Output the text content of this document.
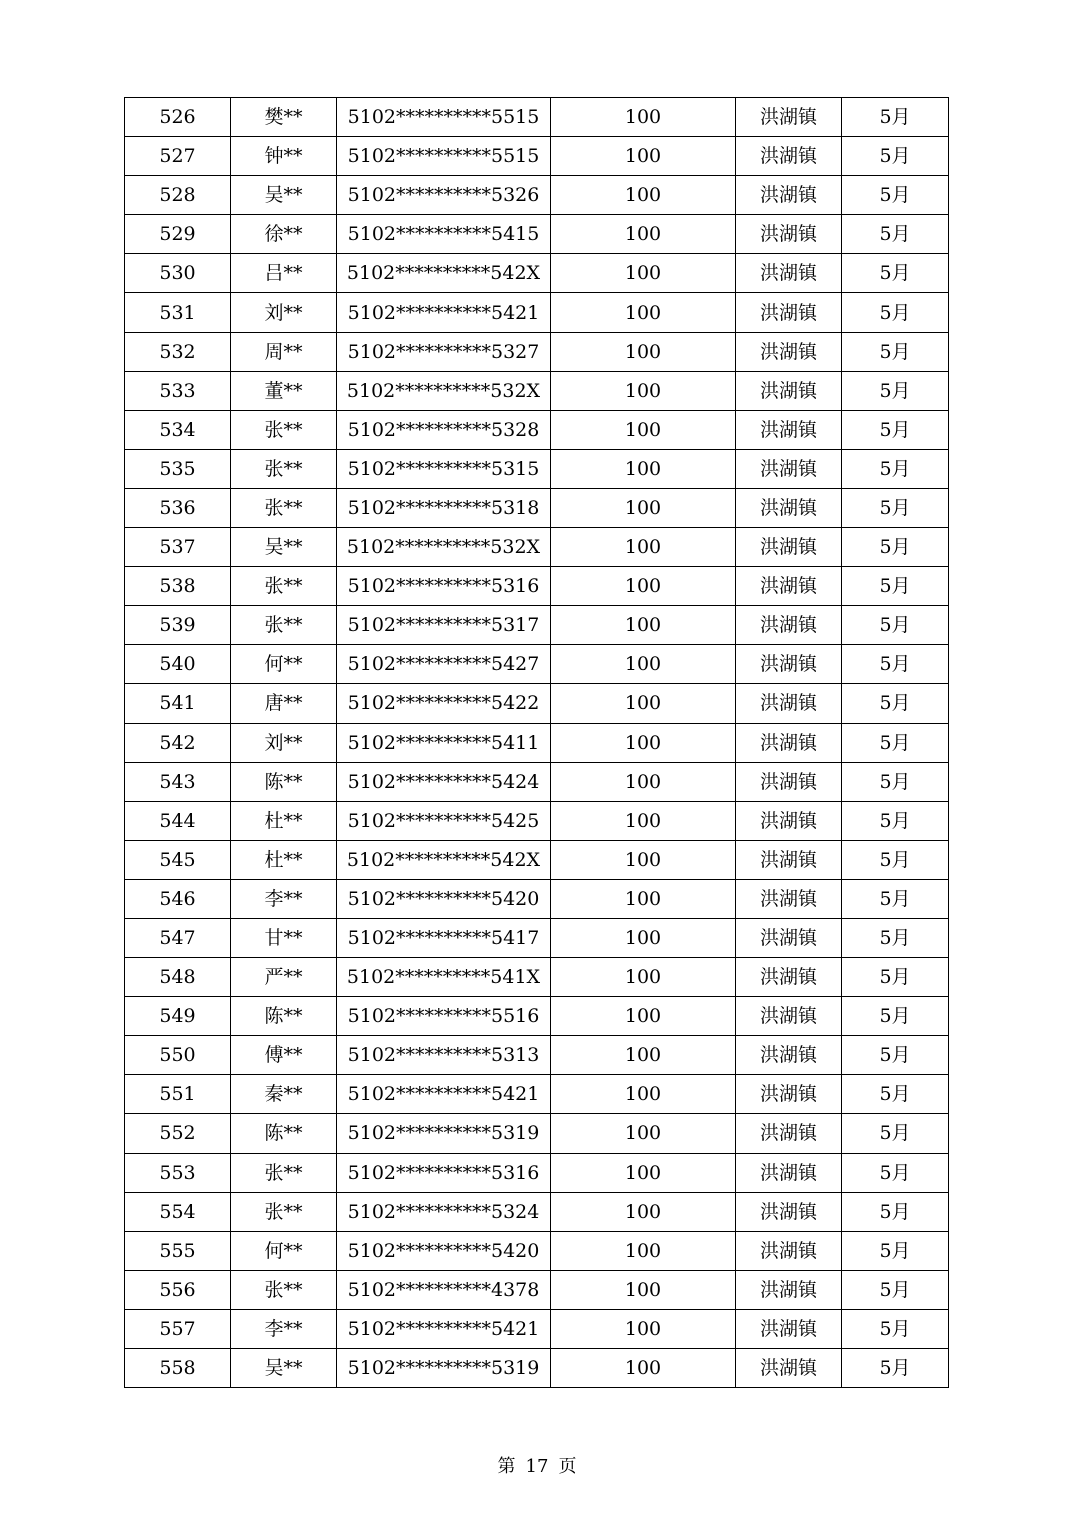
526	樊**	5102**********5515	100	洪湖镇	5月
527	钟**	5102**********5515	100	洪湖镇	5月
528	吴**	5102**********5326	100	洪湖镇	5月
529	徐**	5102**********5415	100	洪湖镇	5月
530	吕**	5102**********542X	100	洪湖镇	5月
531	刘**	5102**********5421	100	洪湖镇	5月
532	周**	5102**********5327	100	洪湖镇	5月
533	董**	5102**********532X	100	洪湖镇	5月
534	张**	5102**********5328	100	洪湖镇	5月
535	张**	5102**********5315	100	洪湖镇	5月
536	张**	5102**********5318	100	洪湖镇	5月
537	吴**	5102**********532X	100	洪湖镇	5月
538	张**	5102**********5316	100	洪湖镇	5月
539	张**	5102**********5317	100	洪湖镇	5月
540	何**	5102**********5427	100	洪湖镇	5月
541	唐**	5102**********5422	100	洪湖镇	5月
542	刘**	5102**********5411	100	洪湖镇	5月
543	陈**	5102**********5424	100	洪湖镇	5月
544	杜**	5102**********5425	100	洪湖镇	5月
545	杜**	5102**********542X	100	洪湖镇	5月
546	李**	5102**********5420	100	洪湖镇	5月
547	甘**	5102**********5417	100	洪湖镇	5月
548	严**	5102**********541X	100	洪湖镇	5月
549	陈**	5102**********5516	100	洪湖镇	5月
550	傅**	5102**********5313	100	洪湖镇	5月
551	秦**	5102**********5421	100	洪湖镇	5月
552	陈**	5102**********5319	100	洪湖镇	5月
553	张**	5102**********5316	100	洪湖镇	5月
554	张**	5102**********5324	100	洪湖镇	5月
555	何**	5102**********5420	100	洪湖镇	5月
556	张**	5102**********4378	100	洪湖镇	5月
557	李**	5102**********5421	100	洪湖镇	5月
558	吴**	5102**********5319	100	洪湖镇	5月
第 17 页
